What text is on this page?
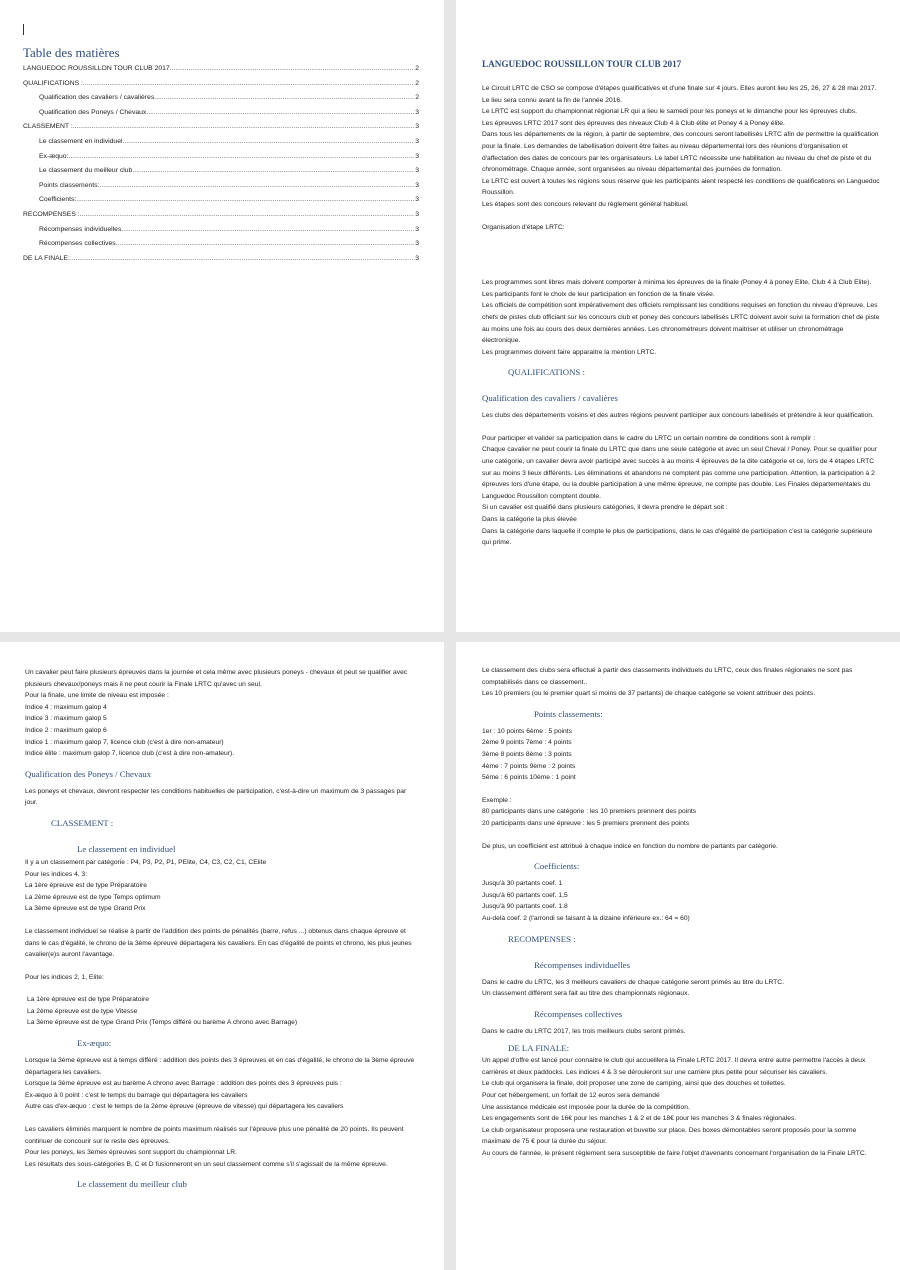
Table des matières
LANGUEDOC ROUSSILLON TOUR CLUB 2017 .....	2
QUALIFICATIONS : .....	2
Qualification des cavaliers / cavalières .....	2
Qualification des Poneys / Chevaux .....	3
CLASSEMENT : .....	3
Le classement en individuel .....	3
Ex-æquo: .....	3
Le classement du meilleur club .....	3
Points classements: .....	3
Coefficients: .....	3
RECOMPENSES : .....	3
Récompenses individuelles .....	3
Récompenses collectives .....	3
DE LA FINALE: .....	3
LANGUEDOC ROUSSILLON TOUR CLUB 2017

Le Circuit LRTC de CSO se compose d'étapes qualificatives et d'une finale sur 4 jours. Elles auront lieu les 25, 26, 27 & 28 mai 2017. Le lieu sera connu avant la fin de l'année 2016.

Le LRTC est support du championnat régional LR qui a lieu le samedi pour les poneys et le dimanche pour les épreuves clubs.

Les épreuves LRTC 2017 sont des épreuves des niveaux Club 4 à Club élite et Poney 4 à Poney élite.

Dans tous les départements de la région, à partir de septembre, des concours seront labellisés LRTC afin de permettre la qualification pour la finale. Les demandes de labellisation doivent être faites au niveau départemental lors des réunions d'organisation et d'affectation des dates de concours par les organisateurs. Le label LRTC nécessite une habilitation au niveau du chef de piste et du chronométrage. Chaque année, sont organisées au niveau départemental des journées de formation.

Le LRTC est ouvert à toutes les régions sous réserve que les participants aient respecté les conditions de qualifications en Languedoc Roussillon.

Les étapes sont des concours relevant du règlement général habituel.

Organisation d'étape LRTC:

Les programmes sont libres mais doivent comporter à minima les épreuves de la finale (Poney 4 à poney Elite, Club 4 à Club Elite). Les participants font le choix de leur participation en fonction de la finale visée.

Les officiels de compétition sont impérativement des officiels remplissant les conditions requises en fonction du niveau d'épreuve. Les chefs de pistes club officiant sur les concours club et poney des concours labellisés LRTC doivent avoir suivi la formation chef de piste au moins une fois au cours des deux dernières années. Les chronométreurs doivent maitriser et utiliser un chronométrage électronique.

Les programmes doivent faire apparaitre la mention LRTC.

QUALIFICATIONS :
Qualification des cavaliers / cavalières

Les clubs des départements voisins et des autres régions peuvent participer aux concours labellisés et prétendre à leur qualification.

Pour participer et valider sa participation dans le cadre du LRTC un certain nombre de conditions sont à remplir :

Chaque cavalier ne peut courir la finale du LRTC que dans une seule catégorie et avec un seul Cheval / Poney. Pour se qualifier pour une catégorie, un cavalier devra avoir participé avec succès à au moins 4 épreuves de la dite catégorie et ce, lors de 4 étapes LRTC sur au moins 3 lieux différents. Les éliminations et abandons ne comptent pas comme une participation. Attention, la participation à 2 épreuves lors d'une étape, ou la double participation à une même épreuve, ne compte pas double. Les Finales départementales du Languedoc Roussillon comptent double.

Si un cavalier est qualifié dans plusieurs catégories, il devra prendre le départ soit :

Dans la catégorie la plus élevée

Dans la catégorie dans laquelle il compte le plus de participations, dans le cas d'égalité de participation c'est la catégorie supérieure qui prime.

Un cavalier peut faire plusieurs épreuves dans la journée et cela même avec plusieurs poneys - chevaux et peut se qualifier avec plusieurs chevaux/poneys mais il ne peut courir la Finale LRTC qu'avec un seul.

Pour la finale, une limite de niveau est imposée :

Indice 4 : maximum galop 4

Indice 3 : maximum galop 5

Indice 2 : maximum galop 6

Indice 1 : maximum galop 7, licence club (c'est à dire non-amateur)

Indice élite : maximum galop 7, licence club (c'est à dire non-amateur).

Qualification des Poneys / Chevaux

Les poneys et chevaux, devront respecter les conditions habituelles de participation, c'est-à-dire un maximum de 3 passages par jour.

CLASSEMENT :
Le classement en individuel

Il y a un classement par catégorie : P4, P3, P2, P1, PElite, C4, C3, C2, C1, CElite

Pour les indices 4, 3:

La 1ère épreuve est de type Préparatoire

La 2ème épreuve est de type Temps optimum

La 3ème épreuve est de type Grand Prix

Le classement individuel se réalise à partir de l'addition des points de pénalités (barre, refus ...) obtenus dans chaque épreuve et dans le cas d'égalité, le chrono de la 3ème épreuve départagera les cavaliers. En cas d'égalité de points et chrono, les plus jeunes cavalier(e)s auront l'avantage.

Pour les indices 2, 1, Elite:

La 1ère épreuve est de type Préparatoire

La 2ème épreuve est de type Vitesse

La 3ème épreuve est de type Grand Prix (Temps différé ou barème A chrono avec Barrage)

Ex-æquo:

Lorsque la 3ème épreuve est à temps différé : addition des points des 3 épreuves et en cas d'égalité, le chrono de la 3ème épreuve départagera les cavaliers.

Lorsque la 3ème épreuve est au barème A chrono avec Barrage : addition des points des 3 épreuves puis :

Ex-æquo à 0 point : c'est le temps du barrage qui départagera les cavaliers

Autre cas d'ex-æquo : c'est le temps de la 2ème épreuve (épreuve de vitesse) qui départagera les cavaliers

Les cavaliers éliminés marquent le nombre de points maximum réalisés sur l'épreuve plus une pénalité de 20 points. Ils peuvent continuer de concourir sur le reste des épreuves.

Pour les poneys, les 3èmes épreuves sont support du championnat LR.

Les résultats des sous-catégories B, C et D fusionneront en un seul classement comme s'il s'agissait de la même épreuve.

Le classement du meilleur club

Le classement des clubs sera effectué à partir des classements individuels du LRTC, ceux des finales régionales ne sont pas comptabilisés dans ce classement..

Les 10 premiers (ou le premier quart si moins de 37 partants) de chaque catégorie se voient attribuer des points.

Points classements:

1er : 10 points 6ème : 5 points

2ème 9 points 7ème : 4 points

3ème 8 points 8ème : 3 points

4ème : 7 points 9ème : 2 points

5ème : 6 points 10ème : 1 point

Exemple :

80 participants dans une catégorie : les 10 premiers prennent des points

20 participants dans une épreuve : les 5 premiers prennent des points

De plus, un coefficient est attribué à chaque indice en fonction du nombre de partants par catégorie.

Coefficients:

Jusqu'à 30 partants coef. 1

Jusqu'à 60 partants coef. 1,5

Jusqu'à 90 partants coef. 1.8

Au-delà coef. 2 (l'arrondi se faisant à la dizaine inférieure ex.: 64 = 60)

RECOMPENSES :
Récompenses individuelles

Dans le cadre du LRTC, les 3 meilleurs cavaliers de chaque catégorie seront primés au titre du LRTC.

Un classement différent sera fait au titre des championnats régionaux.

Récompenses collectives

Dans le cadre du LRTC 2017, les trois meilleurs clubs seront primés.

DE LA FINALE:

Un appel d'offre est lancé pour connaitre le club qui accueillera la Finale LRTC 2017. Il devra entre autre permettre l'accès à deux carrières et deux paddocks. Les indices 4 & 3 se dérouleront sur une carrière plus petite pour sécuriser les cavaliers.

Le club qui organisera la finale, doit proposer une zone de camping, ainsi que des douches et toilettes.

Pour cet hébergement, un forfait de 12 euros sera demandé

Une assistance médicale est imposée pour la durée de la compétition.

Les engagements sont de 16€ pour les manches 1 & 2 et de 18€ pour les manches 3 & finales régionales.

Le club organisateur proposera une restauration et buvette sur place. Des boxes démontables seront proposés pour la somme maximale de 75 € pour la durée du séjour.

Au cours de l'année, le présent règlement sera susceptible de faire l'objet d'avenants concernant l'organisation de la Finale LRTC.
